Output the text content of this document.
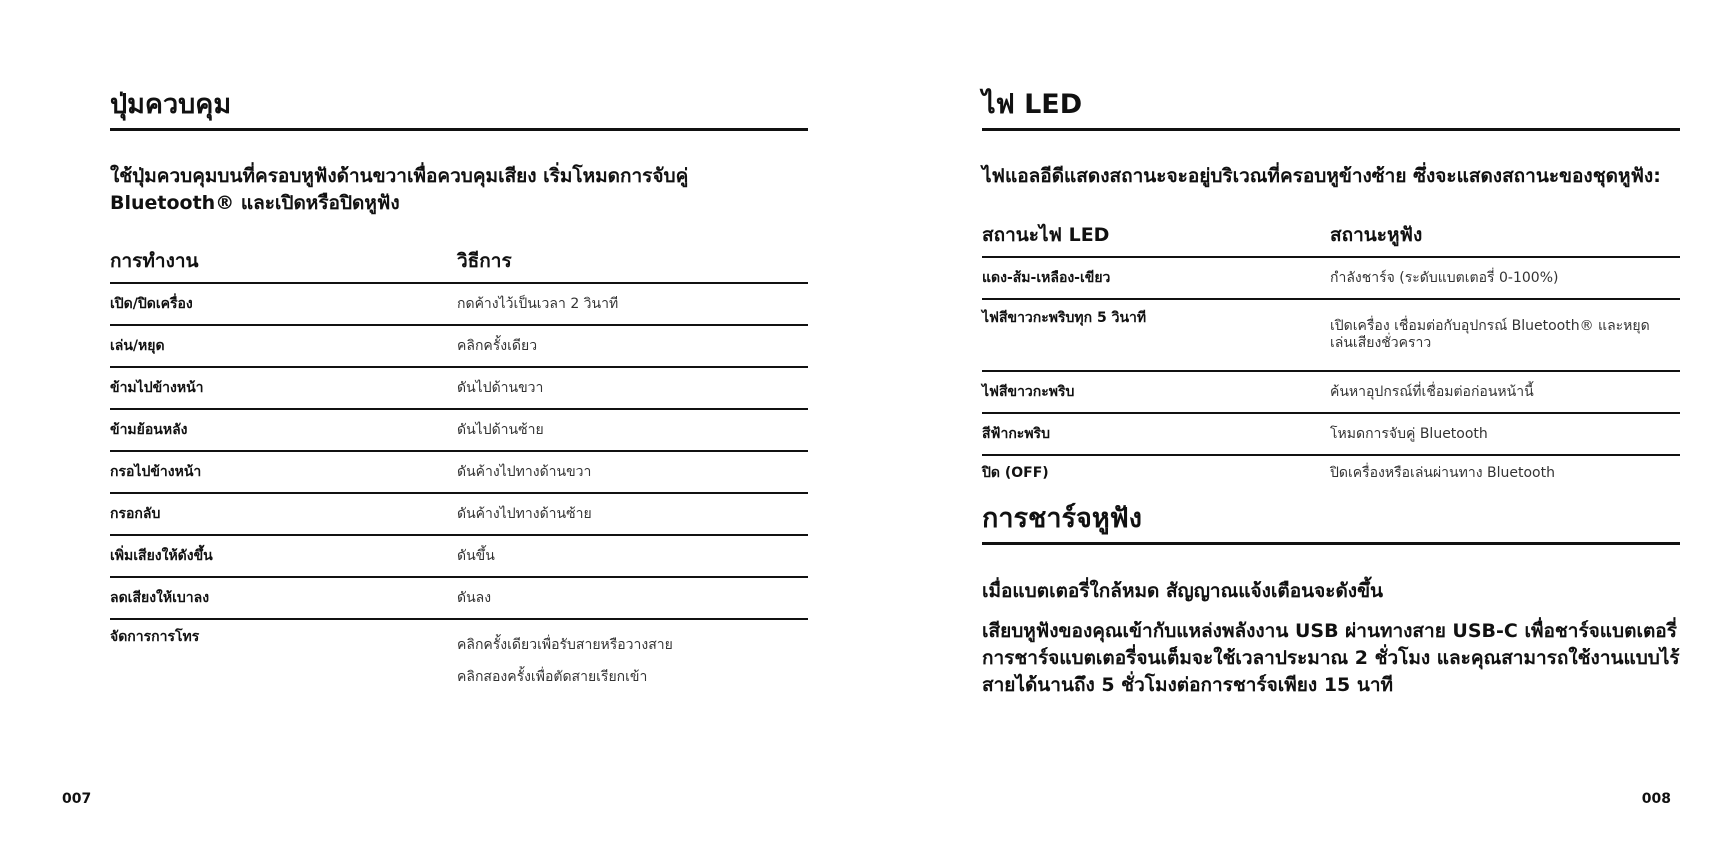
ปุ่มควบคุม
ใช้ปุ่มควบคุมบนที่ครอบหูฟังด้านขวาเพื่อควบคุมเสียง เริ่มโหมดการจับคู่ Bluetooth® และเปิดหรือปิดหูฟัง
การทำงาน	วิธีการ
เปิด/ปิดเครื่อง	กดค้างไว้เป็นเวลา 2 วินาที
เล่น/หยุด	คลิกครั้งเดียว
ข้ามไปข้างหน้า	ดันไปด้านขวา
ข้ามย้อนหลัง	ดันไปด้านซ้าย
กรอไปข้างหน้า	ดันค้างไปทางด้านขวา
กรอกลับ	ดันค้างไปทางด้านซ้าย
เพิ่มเสียงให้ดังขึ้น	ดันขึ้น
ลดเสียงให้เบาลง	ดันลง
จัดการการโทร	คลิกครั้งเดียวเพื่อรับสายหรือวางสาย
คลิกสองครั้งเพื่อตัดสายเรียกเข้า
007
ไฟ LED
ไฟแอลอีดีแสดงสถานะจะอยู่บริเวณที่ครอบหูข้างซ้าย ซึ่งจะแสดงสถานะของชุดหูฟัง:
สถานะไฟ LED	สถานะหูฟัง
แดง-ส้ม-เหลือง-เขียว	กำลังชาร์จ (ระดับแบตเตอรี่ 0-100%)
ไฟสีขาวกะพริบทุก 5 วินาที	เปิดเครื่อง เชื่อมต่อกับอุปกรณ์ Bluetooth® และหยุดเล่นเสียงชั่วคราว
ไฟสีขาวกะพริบ	ค้นหาอุปกรณ์ที่เชื่อมต่อก่อนหน้านี้
สีฟ้ากะพริบ	โหมดการจับคู่ Bluetooth
ปิด (OFF)	ปิดเครื่องหรือเล่นผ่านทาง Bluetooth
การชาร์จหูฟัง
เมื่อแบตเตอรี่ใกล้หมด สัญญาณแจ้งเตือนจะดังขึ้น
เสียบหูฟังของคุณเข้ากับแหล่งพลังงาน USB ผ่านทางสาย USB-C เพื่อชาร์จแบตเตอรี่ การชาร์จแบตเตอรี่จนเต็มจะใช้เวลาประมาณ 2 ชั่วโมง และคุณสามารถใช้งานแบบไร้สายได้นานถึง 5 ชั่วโมงต่อการชาร์จเพียง 15 นาที
008
